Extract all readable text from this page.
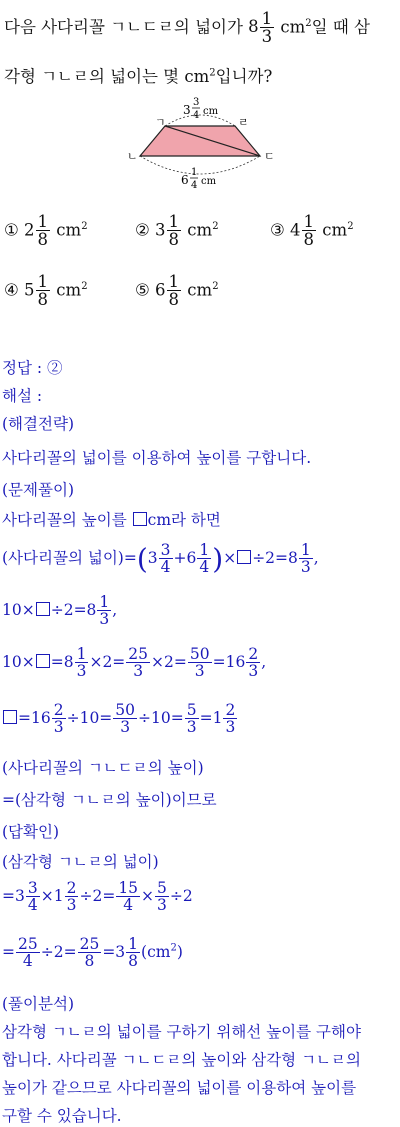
다음 사다리꼴 ㄱㄴㄷㄹ의 넓이가 $8 \frac{1}{3} cm^2$일 때 삼
각형 ㄱㄴㄹ의 넓이는 몇 $cm^2$입니까?
ㄱ	ㄹ
ㄴ	ㄷ
3
3
4 cm
6
1
4 cm
① $2 \frac{1}{8} cm^2$	② $3 \frac{1}{8} cm^2$	③ $4 \frac{1}{8} cm^2$
④ $5 \frac{1}{8} cm^2$	⑤ $6 \frac{1}{8} cm^2$
정답 : ②
해설 :
(해결전략)
사다리꼴의 넓이를 이용하여 높이를 구합니다.
(문제풀이)
사다리꼴의 높이를 cm라 하면
(사다리꼴의 넓이)$=(3 \frac{3}{4} +6 \frac{1}{4}$ )× $\div 2=8 \frac{1}{3}$ ,
$10\times \div 2=8 \frac{1}{3}$ ,
$10\times =8 \frac{1}{3} \times 2= \frac{25}{3} \times 2= \frac{50}{3} =16 \frac{2}{3}$ ,
$=16 \frac{2}{3} \div 10= \frac{50}{3} \div 10= \frac{5}{3} =1 \frac{2}{3}$
(사다리꼴의 ㄱㄴㄷㄹ의 높이)
=(삼각형 ㄱㄴㄹ의 높이)이므로
(답확인)
(삼각형 ㄱㄴㄹ의 넓이)
$=3 \frac{3}{4} \times 1 \frac{2}{3} \div 2= \frac{15}{4} \times \frac{5}{3} \div 2$
= $\frac{25}{4} \div 2= \frac{25}{8} =3 \frac{1}{8} (cm^2)$
(풀이분석)
삼각형 ㄱㄴㄹ의 넓이를 구하기 위해선 높이를 구해야
합니다. 사다리꼴 ㄱㄴㄷㄹ의 높이와 삼각형 ㄱㄴㄹ의
높이가 같으므로 사다리꼴의 넓이를 이용하여 높이를
구할 수 있습니다.
